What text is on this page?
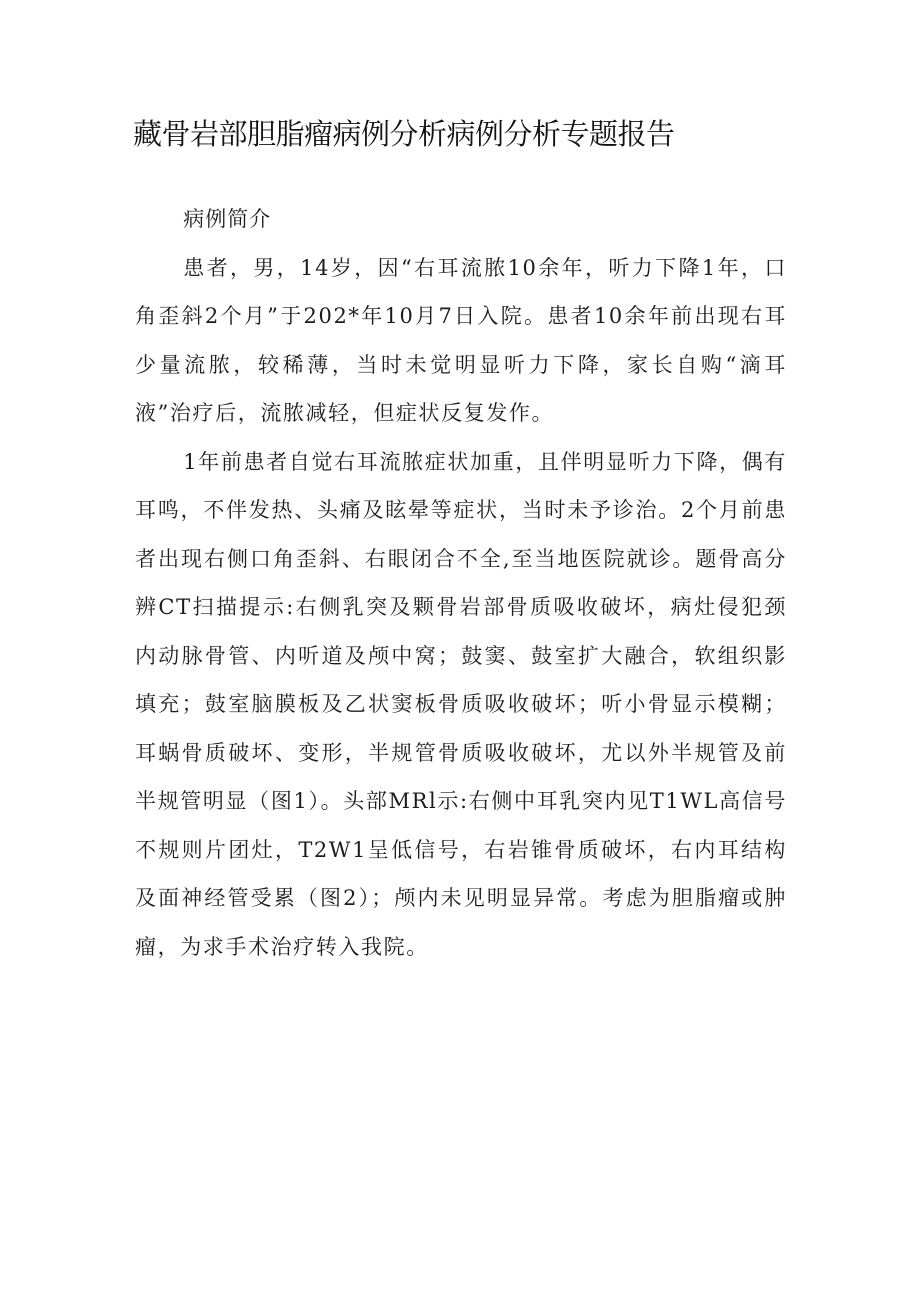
藏骨岩部胆脂瘤病例分析病例分析专题报告

病例简介

患者，男，14岁，因“右耳流脓10余年，听力下降1年，口角歪斜2个月”于202*年10月7日入院。患者10余年前出现右耳少量流脓，较稀薄，当时未觉明显听力下降，家长自购“滴耳液”治疗后，流脓减轻，但症状反复发作。

1年前患者自觉右耳流脓症状加重，且伴明显听力下降，偶有耳鸣，不伴发热、头痛及眩晕等症状，当时未予诊治。2个月前患者出现右侧口角歪斜、右眼闭合不全,至当地医院就诊。题骨高分辨CT扫描提示:右侧乳突及颗骨岩部骨质吸收破坏，病灶侵犯颈内动脉骨管、内听道及颅中窝；鼓窦、鼓室扩大融合，软组织影填充；鼓室脑膜板及乙状窦板骨质吸收破坏；听小骨显示模糊；耳蜗骨质破坏、变形，半规管骨质吸收破坏，尤以外半规管及前半规管明显（图1）。头部MRl示:右侧中耳乳突内见T1WL高信号不规则片团灶，T2W1呈低信号，右岩锥骨质破坏，右内耳结构及面神经管受累（图2）；颅内未见明显异常。考虑为胆脂瘤或肿瘤，为求手术治疗转入我院。
